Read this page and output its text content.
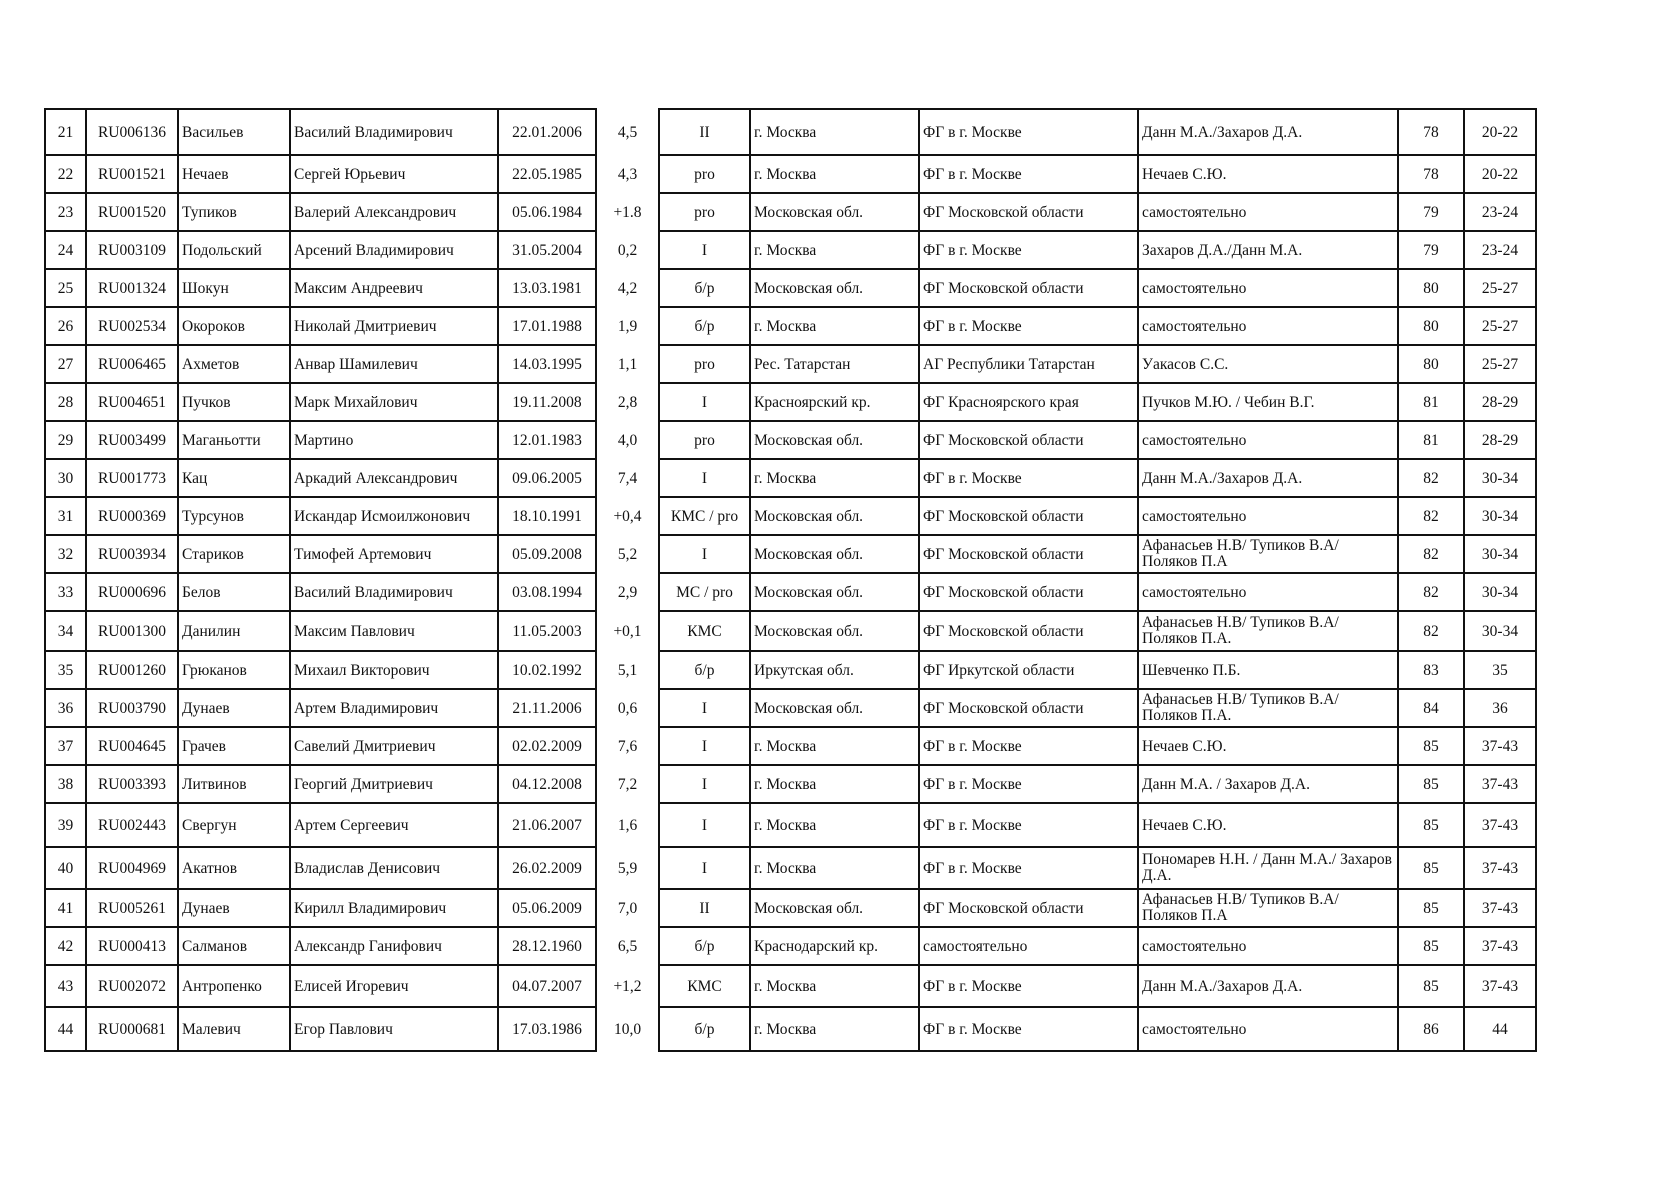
21	RU006136	Васильев	Василий Владимирович	22.01.2006	4,5	II	г. Москва	ФГ в г. Москве	Данн М.А./Захаров Д.А.	78	20-22
22	RU001521	Нечаев	Сергей Юрьевич	22.05.1985	4,3	pro	г. Москва	ФГ в г. Москве	Нечаев С.Ю.	78	20-22
23	RU001520	Тупиков	Валерий Александрович	05.06.1984	+1.8	pro	Московская обл.	ФГ Московской области	самостоятельно	79	23-24
24	RU003109	Подольский	Арсений Владимирович	31.05.2004	0,2	I	г. Москва	ФГ в г. Москве	Захаров Д.А./Данн М.А.	79	23-24
25	RU001324	Шокун	Максим Андреевич	13.03.1981	4,2	б/р	Московская обл.	ФГ Московской области	самостоятельно	80	25-27
26	RU002534	Окороков	Николай Дмитриевич	17.01.1988	1,9	б/р	г. Москва	ФГ в г. Москве	самостоятельно	80	25-27
27	RU006465	Ахметов	Анвар Шамилевич	14.03.1995	1,1	pro	Рес. Татарстан	АГ Республики Татарстан	Уакасов С.С.	80	25-27
28	RU004651	Пучков	Марк Михайлович	19.11.2008	2,8	I	Красноярский кр.	ФГ Красноярского края	Пучков М.Ю. / Чебин В.Г.	81	28-29
29	RU003499	Маганьотти	Мартино	12.01.1983	4,0	pro	Московская обл.	ФГ Московской области	самостоятельно	81	28-29
30	RU001773	Кац	Аркадий Александрович	09.06.2005	7,4	I	г. Москва	ФГ в г. Москве	Данн М.А./Захаров Д.А.	82	30-34
31	RU000369	Турсунов	Искандар Исмоилжонович	18.10.1991	+0,4	КМС / pro	Московская обл.	ФГ Московской области	самостоятельно	82	30-34
32	RU003934	Стариков	Тимофей Артемович	05.09.2008	5,2	I	Московская обл.	ФГ Московской области	Афанасьев Н.В/ Тупиков В.А/ Поляков П.А	82	30-34
33	RU000696	Белов	Василий Владимирович	03.08.1994	2,9	МС / pro	Московская обл.	ФГ Московской области	самостоятельно	82	30-34
34	RU001300	Данилин	Максим Павлович	11.05.2003	+0,1	КМС	Московская обл.	ФГ Московской области	Афанасьев Н.В/ Тупиков В.А/ Поляков П.А.	82	30-34
35	RU001260	Грюканов	Михаил Викторович	10.02.1992	5,1	б/р	Иркутская обл.	ФГ Иркутской области	Шевченко П.Б.	83	35
36	RU003790	Дунаев	Артем Владимирович	21.11.2006	0,6	I	Московская обл.	ФГ Московской области	Афанасьев Н.В/ Тупиков В.А/ Поляков П.А.	84	36
37	RU004645	Грачев	Савелий Дмитриевич	02.02.2009	7,6	I	г. Москва	ФГ в г. Москве	Нечаев С.Ю.	85	37-43
38	RU003393	Литвинов	Георгий Дмитриевич	04.12.2008	7,2	I	г. Москва	ФГ в г. Москве	Данн М.А. / Захаров Д.А.	85	37-43
39	RU002443	Свергун	Артем Сергеевич	21.06.2007	1,6	I	г. Москва	ФГ в г. Москве	Нечаев С.Ю.	85	37-43
40	RU004969	Акатнов	Владислав Денисович	26.02.2009	5,9	I	г. Москва	ФГ в г. Москве	Пономарев Н.Н. / Данн М.А./ Захаров Д.А.	85	37-43
41	RU005261	Дунаев	Кирилл Владимирович	05.06.2009	7,0	II	Московская обл.	ФГ Московской области	Афанасьев Н.В/ Тупиков В.А/ Поляков П.А	85	37-43
42	RU000413	Салманов	Александр Ганифович	28.12.1960	6,5	б/р	Краснодарский кр.	самостоятельно	самостоятельно	85	37-43
43	RU002072	Антропенко	Елисей Игоревич	04.07.2007	+1,2	КМС	г. Москва	ФГ в г. Москве	Данн М.А./Захаров Д.А.	85	37-43
44	RU000681	Малевич	Егор Павлович	17.03.1986	10,0	б/р	г. Москва	ФГ в г. Москве	самостоятельно	86	44
